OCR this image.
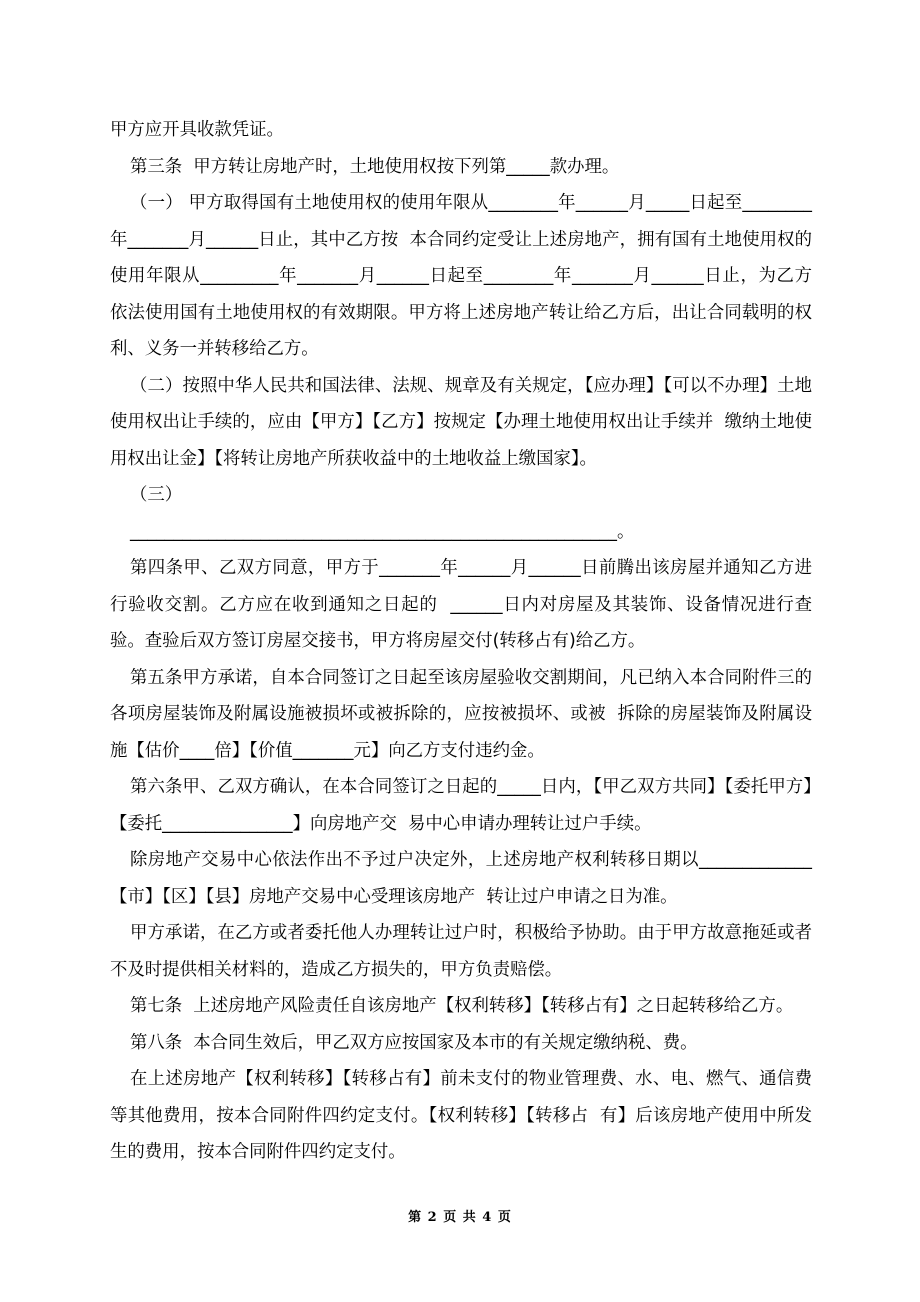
甲方应开具收款凭证。

第三条  甲方转让房地产时，土地使用权按下列第_____款办理。

（一） 甲方取得国有土地使用权的使用年限从________年______月_____日起至________年_______月______日止，其中乙方按  本合同约定受让上述房地产，拥有国有土地使用权的使用年限从_________年_______月______日起至________年_______月______日止，为乙方依法使用国有土地使用权的有效期限。甲方将上述房地产转让给乙方后，出让合同载明的权利、义务一并转移给乙方。

（二）按照中华人民共和国法律、法规、规章及有关规定，【应办理】【可以不办理】土地使用权出让手续的，应由【甲方】【乙方】按规定【办理土地使用权出让手续并  缴纳土地使用权出让金】【将转让房地产所获收益中的土地收益上缴国家】。

（三）

________________________________________________________。

第四条甲、乙双方同意，甲方于_______年______月______日前腾出该房屋并通知乙方进行验收交割。乙方应在收到通知之日起的  ______日内对房屋及其装饰、设备情况进行查验。查验后双方签订房屋交接书，甲方将房屋交付(转移占有)给乙方。

第五条甲方承诺，自本合同签订之日起至该房屋验收交割期间，凡已纳入本合同附件三的各项房屋装饰及附属设施被损坏或被拆除的，应按被损坏、或被  拆除的房屋装饰及附属设施【估价____倍】【价值_______元】向乙方支付违约金。

第六条甲、乙双方确认，在本合同签订之日起的_____日内，【甲乙双方共同】【委托甲方】【委托_______________】向房地产交  易中心申请办理转让过户手续。

除房地产交易中心依法作出不予过户决定外，上述房地产权利转移日期以_____________【市】【区】【县】房地产交易中心受理该房地产  转让过户申请之日为准。

甲方承诺，在乙方或者委托他人办理转让过户时，积极给予协助。由于甲方故意拖延或者不及时提供相关材料的，造成乙方损失的，甲方负责赔偿。

第七条  上述房地产风险责任自该房地产【权利转移】【转移占有】之日起转移给乙方。

第八条  本合同生效后，甲乙双方应按国家及本市的有关规定缴纳税、费。

在上述房地产【权利转移】【转移占有】前未支付的物业管理费、水、电、燃气、通信费等其他费用，按本合同附件四约定支付。【权利转移】【转移占  有】后该房地产使用中所发生的费用，按本合同附件四约定支付。

第 2 页 共 4 页
